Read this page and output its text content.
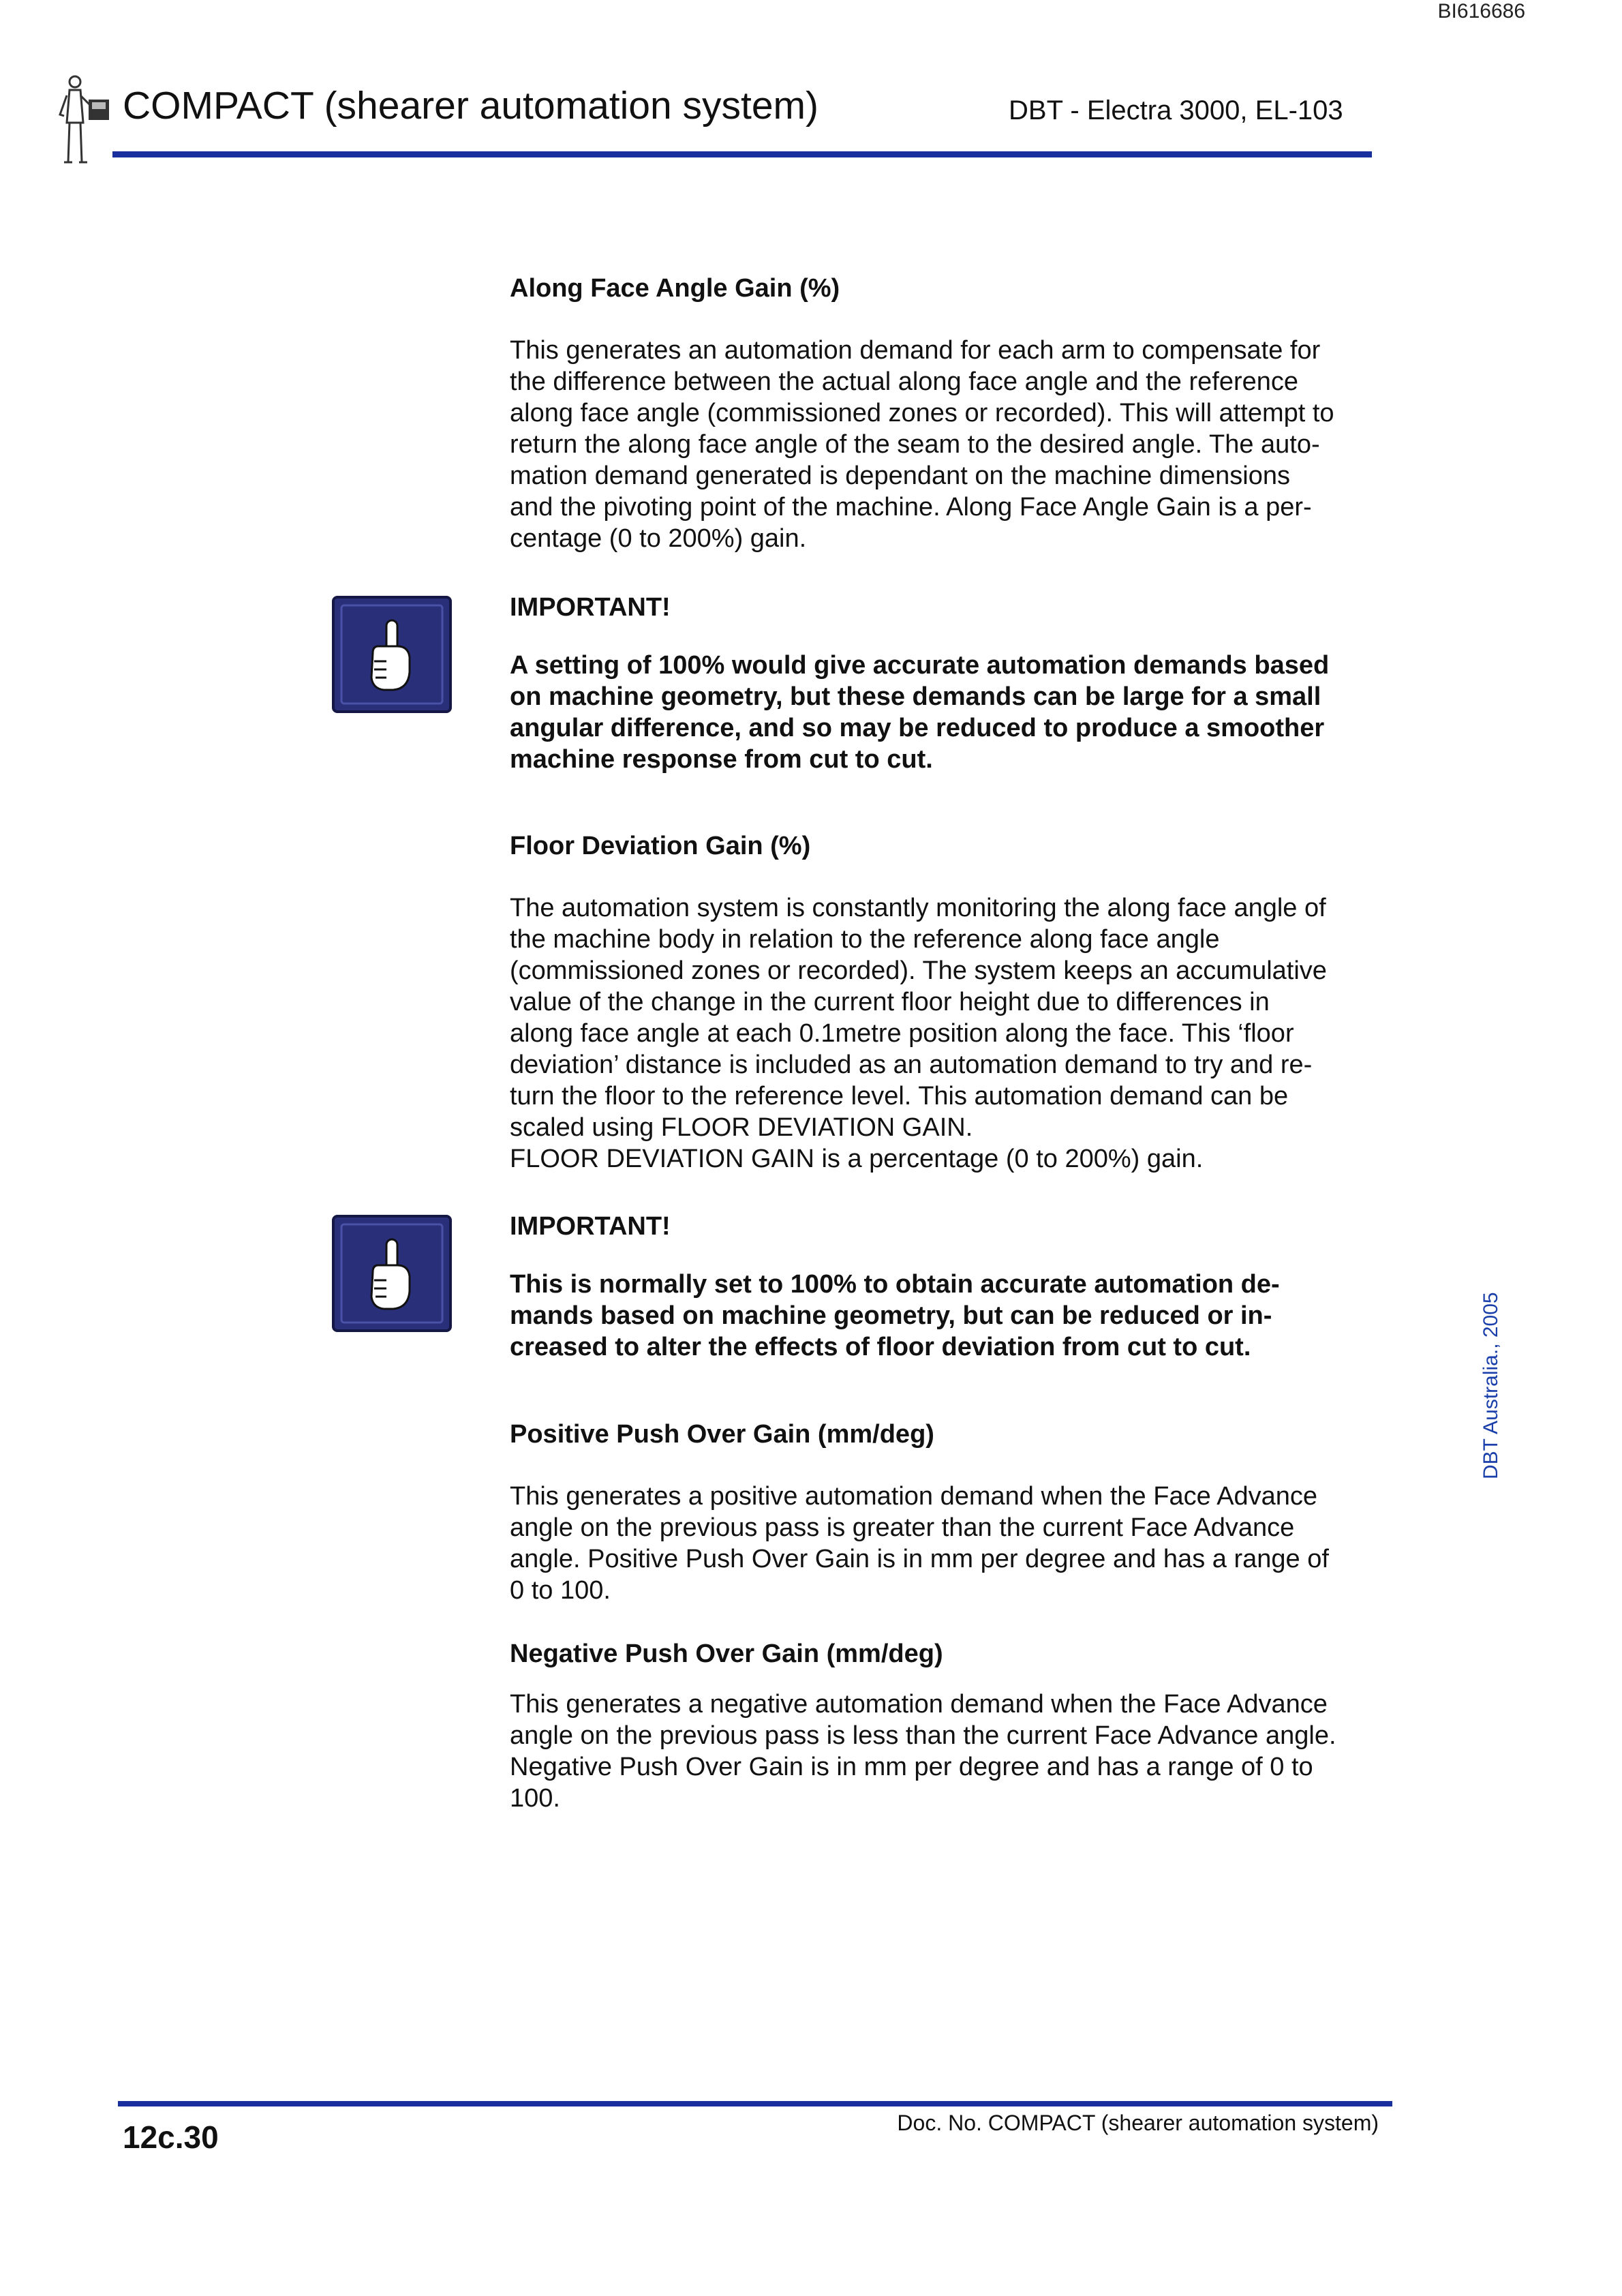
BI616686
COMPACT (shearer automation system)	DBT - Electra 3000, EL-103

Along Face Angle Gain (%)

This generates an automation demand for each arm to compensate for

the difference between the actual along face angle and the reference

along face angle (commissioned zones or recorded). This will attempt to

return the along face angle of the seam to the desired angle. The auto-

mation demand generated is dependant on the machine dimensions

and the pivoting point of the machine. Along Face Angle Gain is a per-

centage (0 to 200%) gain.

IMPORTANT!

A setting of 100% would give accurate automation demands based

on machine geometry, but these demands can be large for a small

angular difference, and so may be reduced to produce a smoother

machine response from cut to cut.

Floor Deviation Gain (%)

The automation system is constantly monitoring the along face angle of

the machine body in relation to the reference along face angle

(commissioned zones or recorded). The system keeps an accumulative

value of the change in the current floor height due to differences in

along face angle at each 0.1metre position along the face. This ‘floor

deviation’ distance is included as an automation demand to try and re-

turn the floor to the reference level. This automation demand can be

scaled using FLOOR DEVIATION GAIN.

FLOOR DEVIATION GAIN is a percentage (0 to 200%) gain.

IMPORTANT!

This is normally set to 100% to obtain accurate automation de-

mands based on machine geometry, but can be reduced or in-

creased to alter the effects of floor deviation from cut to cut.

Positive Push Over Gain (mm/deg)

This generates a positive automation demand when the Face Advance

angle on the previous pass is greater than the current Face Advance

angle. Positive Push Over Gain is in mm per degree and has a range of

0 to 100.

Negative Push Over Gain (mm/deg)

This generates a negative automation demand when the Face Advance

angle on the previous pass is less than the current Face Advance angle.

Negative Push Over Gain is in mm per degree and has a range of 0 to

100.

DBT Australia., 2005
12c.30	Doc. No. COMPACT (shearer automation system)
